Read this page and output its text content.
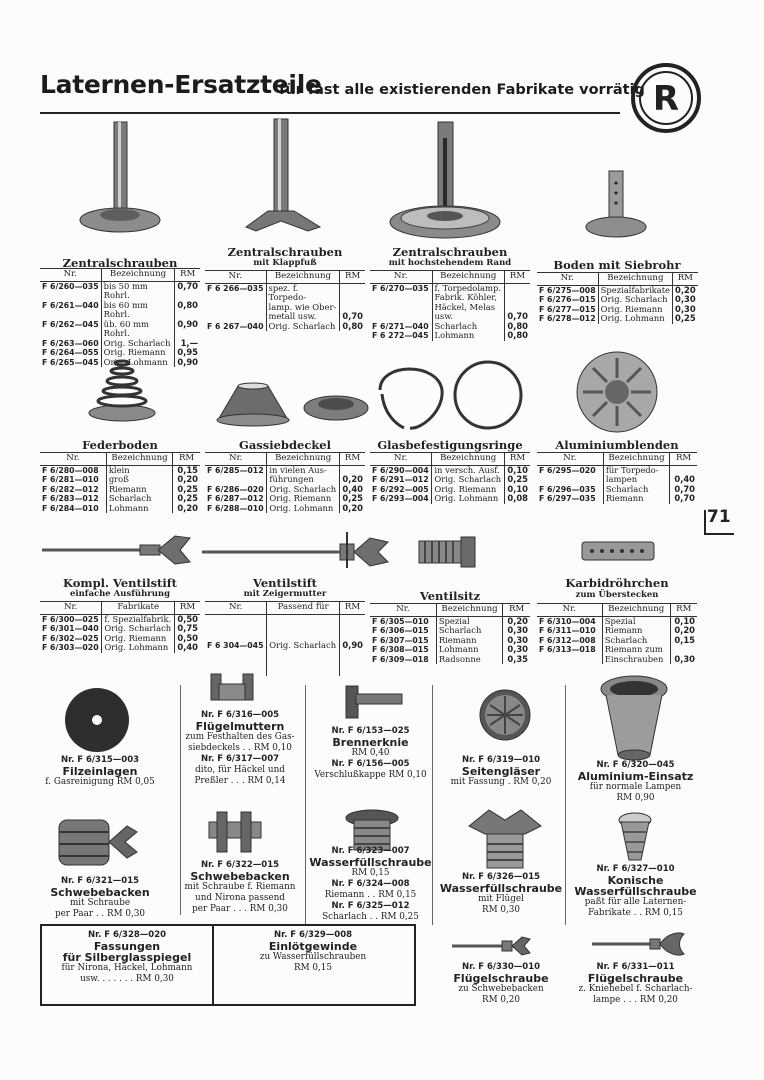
Laternen-Ersatzteile
für fast alle existierenden Fabrikate vorrätig R
71
Zentralschrauben
Nr.	Bezeichnung	RM
F 6/260—035	bis 50 mm Rohrl.	0,70
F 6/261—040	bis 60 mm Rohrl.	0,80
F 6/262—045	üb. 60 mm Rohrl.	0,90
F 6/263—060	Orig. Scharlach	1,—
F 6/264—055	Orig. Riemann	0,95
F 6/265—045	Orig. Lohmann	0,90
Zentralschrauben
mit Klappfuß
Nr.	Bezeichnung	RM
F 6 266—035	spez. f. Torpedo-
lamp. wie Ober-
metall usw.	0,70
F 6 267—040	Orig. Scharlach	0,80
Zentralschrauben
mit hochstehendem Rand
Nr.	Bezeichnung	RM
F 6/270—035	f. Torpedolamp.
Fabrik. Köhler,
Häckel, Melas
usw.	0,70
F 6/271—040	Scharlach	0,80
F 6 272—045	Lohmann	0,80
Boden mit Siebrohr
Nr.	Bezeichnung	RM
F 6/275—008	Spezialfabrikate	0,20
F 6/276—015	Orig. Scharlach	0,30
F 6/277—015	Orig. Riemann	0,30
F 6/278—012	Orig. Lohmann	0,25
Federboden
Nr.	Bezeichnung	RM
F 6/280—008	klein	0,15
F 6/281—010	groß	0,20
F 6/282—012	Riemann	0,25
F 6/283—012	Scharlach	0,25
F 6/284—010	Lohmann	0,20
Gassiebdeckel
Nr.	Bezeichnung	RM
F 6/285—012	in vielen Aus-
führungen	0,20
F 6/286—020	Orig. Scharlach	0,40
F 6/287—012	Orig. Riemann	0,25
F 6/288—010	Orig. Lohmann	0,20
Glasbefestigungsringe
Nr.	Bezeichnung	RM
F 6/290—004	in versch. Ausf.	0,10
F 6/291—012	Orig. Scharlach	0,25
F 6/292—005	Orig. Riemann	0,10
F 6/293—004	Orig. Lohmann	0,08
Aluminiumblenden
Nr.	Bezeichnung	RM
F 6/295—020	für Torpedo-
lampen	0,40
F 6/296—035	Scharlach	0,70
F 6/297—035	Riemann	0,70
Kompl. Ventilstift
einfache Ausführung
Nr.	Fabrikate	RM
F 6/300—025	f. Spezialfabrik.	0,50
F 6/301—040	Orig. Scharlach	0,75
F 6/302—025	Orig. Riemann	0,50
F 6/303—020	Orig. Lohmann	0,40
Ventilstift
mit Zeigermutter
Nr.	Passend für	RM
F 6 304—045	Orig. Scharlach	0,90
Ventilsitz
Nr.	Bezeichnung	RM
F 6/305—010	Spezial	0,20
F 6/306—015	Scharlach	0,30
F 6/307—015	Riemann	0,30
F 6/308—015	Lohmann	0,30
F 6/309—018	Radsonne	0,35
Karbidröhrchen
zum Überstecken
Nr.	Bezeichnung	RM
F 6/310—004	Spezial	0,10
F 6/311—010	Riemann	0,20
F 6/312—008	Scharlach	0,15
F 6/313—018	Riemann zum
Einschrauben	0,30
Nr. F 6/315—003
Filzeinlagen
f. Gasreinigung RM 0,05
Nr. F 6/316—005
Flügelmuttern
zum Festhalten des Gas-
siebdeckels . . RM 0,10
Nr. F 6/317—007
dito, für Häckel und
Preßler . . . RM 0,14
Nr. F 6/153—025
Brennerknie
RM 0,40
Nr. F 6/156—005
Verschlußkappe RM 0,10
Nr. F 6/319—010
Seitengläser
mit Fassung . RM 0,20
Nr. F 6/320—045
Aluminium-Einsatz
für normale Lampen
RM 0,90
Nr. F 6/321—015
Schwebebacken
mit Schraube
per Paar . . RM 0,30
Nr. F 6/322—015
Schwebebacken
mit Schraube f. Riemann
und Nirona passend
per Paar . . . RM 0,30
Nr. F 6/323—007
Wasserfüllschraube
RM 0,15
Nr. F 6/324—008
Riemann . . RM 0,15
Nr. F 6/325—012
Scharlach . . RM 0,25
Nr. F 6/326—015
Wasserfüllschraube
mit Flügel
RM 0,30
Nr. F 6/327—010
Konische
Wasserfüllschraube
paßt für alle Laternen-
Fabrikate . . RM 0,15
Nr. F 6/328—020
Fassungen
für Silberglasspiegel
für Nirona, Häckel, Lohmann
usw. . . . . . . RM 0,30
Nr. F 6/329—008
Einlötgewinde
zu Wasserfüllschrauben
RM 0,15	Nr. F 6/330—010
Flügelschraube
zu Schwebebacken
RM 0,20
Nr. F 6/331—011
Flügelschraube
z. Kniehebel f. Scharlach-
lampe . . . RM 0,20
